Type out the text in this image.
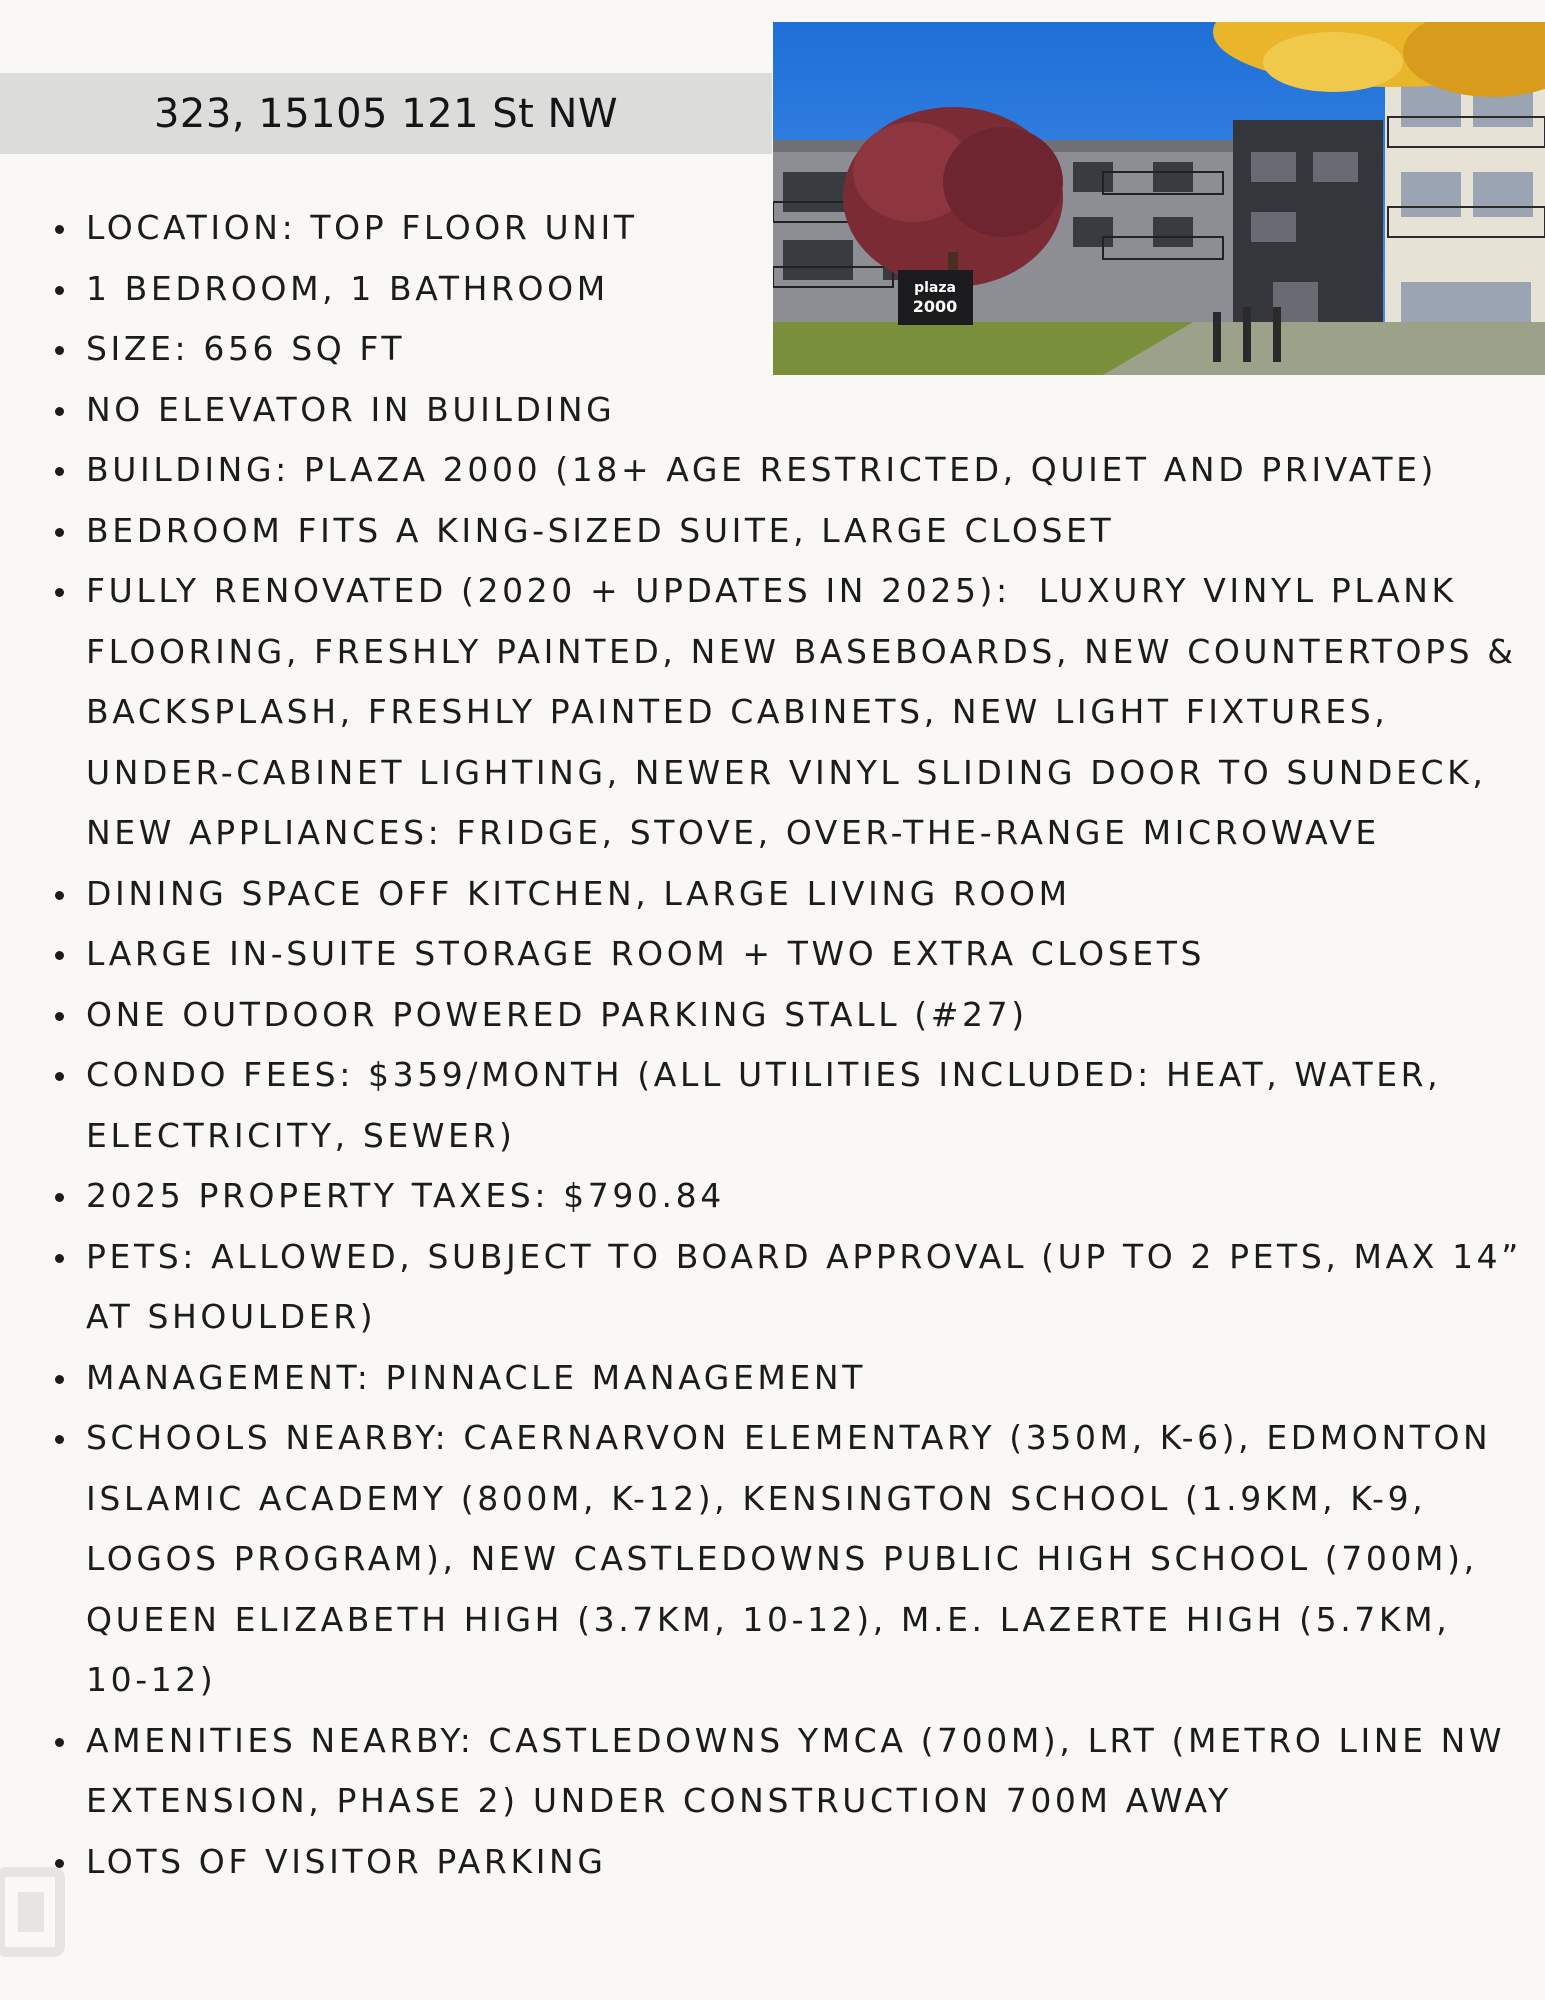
323, 15105 121 St NW
plaza
2000
LOCATION: TOP FLOOR UNIT
1 BEDROOM, 1 BATHROOM
SIZE: 656 SQ FT
NO ELEVATOR IN BUILDING
BUILDING: PLAZA 2000 (18+ AGE RESTRICTED, QUIET AND PRIVATE)
BEDROOM FITS A KING-SIZED SUITE, LARGE CLOSET
FULLY RENOVATED (2020 + UPDATES IN 2025):  LUXURY VINYL PLANK FLOORING, FRESHLY PAINTED, NEW BASEBOARDS, NEW COUNTERTOPS & BACKSPLASH, FRESHLY PAINTED CABINETS, NEW LIGHT FIXTURES, UNDER-CABINET LIGHTING, NEWER VINYL SLIDING DOOR TO SUNDECK,  NEW APPLIANCES: FRIDGE, STOVE, OVER-THE-RANGE MICROWAVE
DINING SPACE OFF KITCHEN, LARGE LIVING ROOM
LARGE IN-SUITE STORAGE ROOM + TWO EXTRA CLOSETS
ONE OUTDOOR POWERED PARKING STALL (#27)
CONDO FEES: $359/MONTH (ALL UTILITIES INCLUDED: HEAT, WATER, ELECTRICITY, SEWER)
2025 PROPERTY TAXES: $790.84
PETS: ALLOWED, SUBJECT TO BOARD APPROVAL (UP TO 2 PETS, MAX 14” AT SHOULDER)
MANAGEMENT: PINNACLE MANAGEMENT
SCHOOLS NEARBY: CAERNARVON ELEMENTARY (350M, K-6), EDMONTON ISLAMIC ACADEMY (800M, K-12), KENSINGTON SCHOOL (1.9KM, K-9, LOGOS PROGRAM), NEW CASTLEDOWNS PUBLIC HIGH SCHOOL (700M), QUEEN ELIZABETH HIGH (3.7KM, 10-12), M.E. LAZERTE HIGH (5.7KM, 10-12)
AMENITIES NEARBY: CASTLEDOWNS YMCA (700M), LRT (METRO LINE NW EXTENSION, PHASE 2) UNDER CONSTRUCTION 700M AWAY
LOTS OF VISITOR PARKING
